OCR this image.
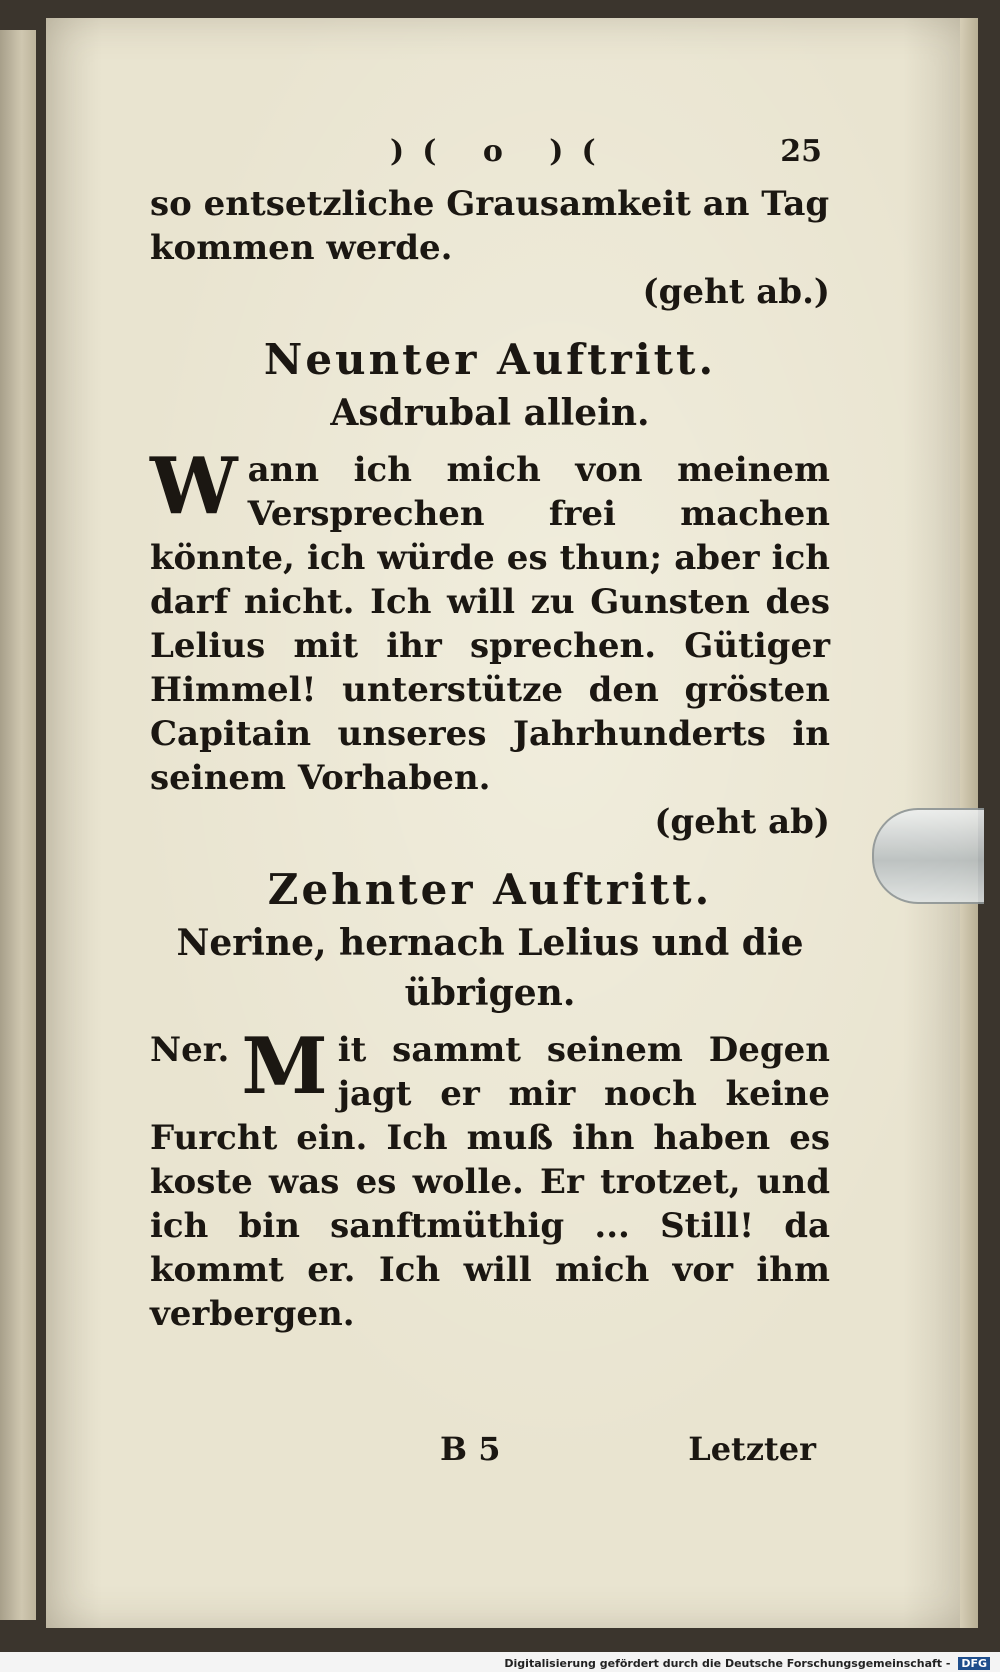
)( o )(	25

so entsetzliche Grausamkeit an Tag

kommen werde.

(geht ab.)

Neunter Auftritt.
Asdrubal allein.
W ann ich mich von meinem Versprechen frei machen könnte, ich würde es thun; aber ich darf nicht. Ich will zu Gunsten des Lelius mit ihr sprechen. Gütiger Himmel! unterstütze den grösten Capitain unseres Jahrhunderts in seinem Vorhaben.
(geht ab)
Zehnter Auftritt.
Nerine, hernach Lelius und die übrigen.
Ner. M it sammt seinem Degen jagt er mir noch keine Furcht ein. Ich muß ihn haben es koste was es wolle. Er trotzet, und ich bin sanftmüthig ... Still! da kommt er. Ich will mich vor ihm verbergen.
B 5	Letzter
Digitalisierung gefördert durch die Deutsche Forschungsgemeinschaft - DFG
